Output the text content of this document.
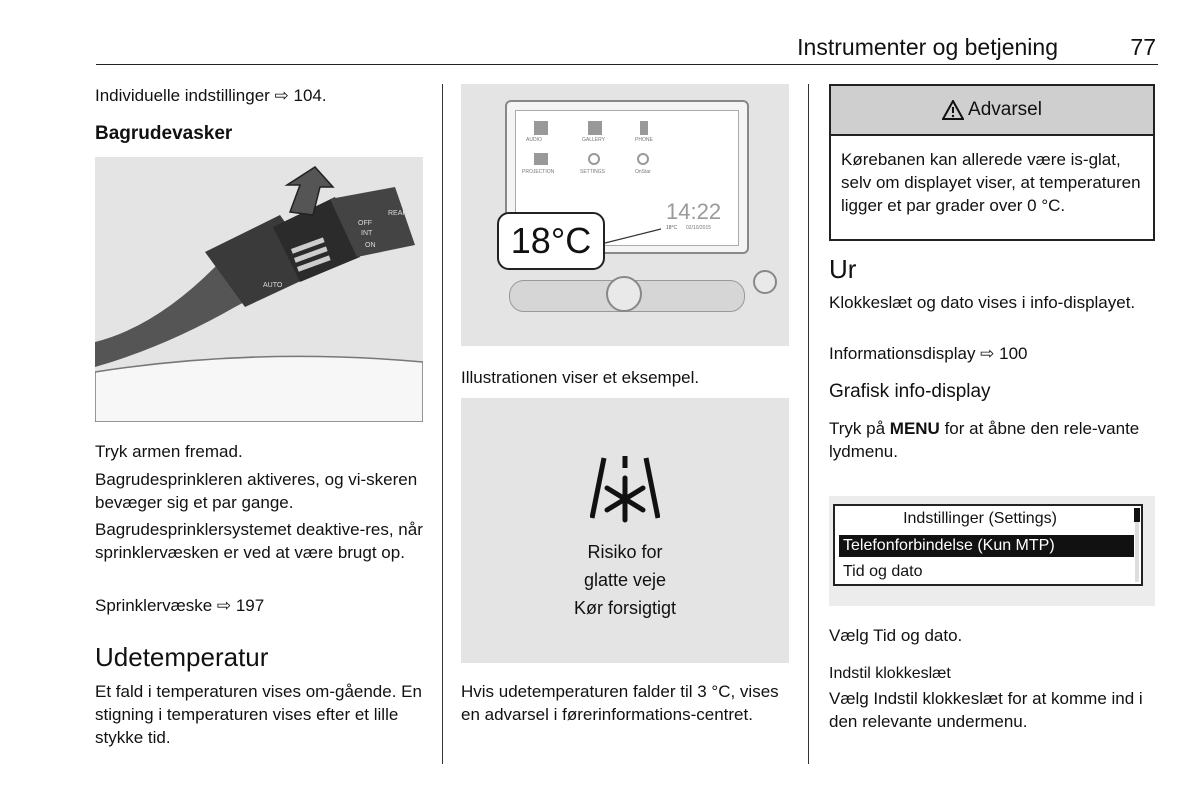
Instrumenter og betjening	77
Individuelle indstillinger ⇨ 104.
Bagrudevasker
OFF
INT
ON
AUTO
REAR
Tryk armen fremad.
Bagrudesprinkleren aktiveres, og vi-skeren bevæger sig et par gange.
Bagrudesprinklersystemet deaktive-res, når sprinklervæsken er ved at være brugt op.
Sprinklervæske ⇨ 197
Udetemperatur
Et fald i temperaturen vises om-gående. En stigning i temperaturen vises efter et lille stykke tid.
AUDIO	GALLERY	PHONE
PROJECTION	SETTINGS	OnStar
14:22
18°C 02/10/2015
18°C
Illustrationen viser et eksempel.
Risiko for
glatte veje
Kør forsigtigt
Hvis udetemperaturen falder til 3 °C, vises en advarsel i førerinformations-centret.
Advarsel
Kørebanen kan allerede være is-glat, selv om displayet viser, at temperaturen ligger et par grader over 0 °C.
Ur
Klokkeslæt og dato vises i info-displayet.
Informationsdisplay ⇨ 100
Grafisk info-display
Tryk på MENU for at åbne den rele-vante lydmenu.
Indstillinger (Settings)
Telefonforbindelse (Kun MTP)
Tid og dato
Vælg Tid og dato.
Indstil klokkeslæt
Vælg Indstil klokkeslæt for at komme ind i den relevante undermenu.
